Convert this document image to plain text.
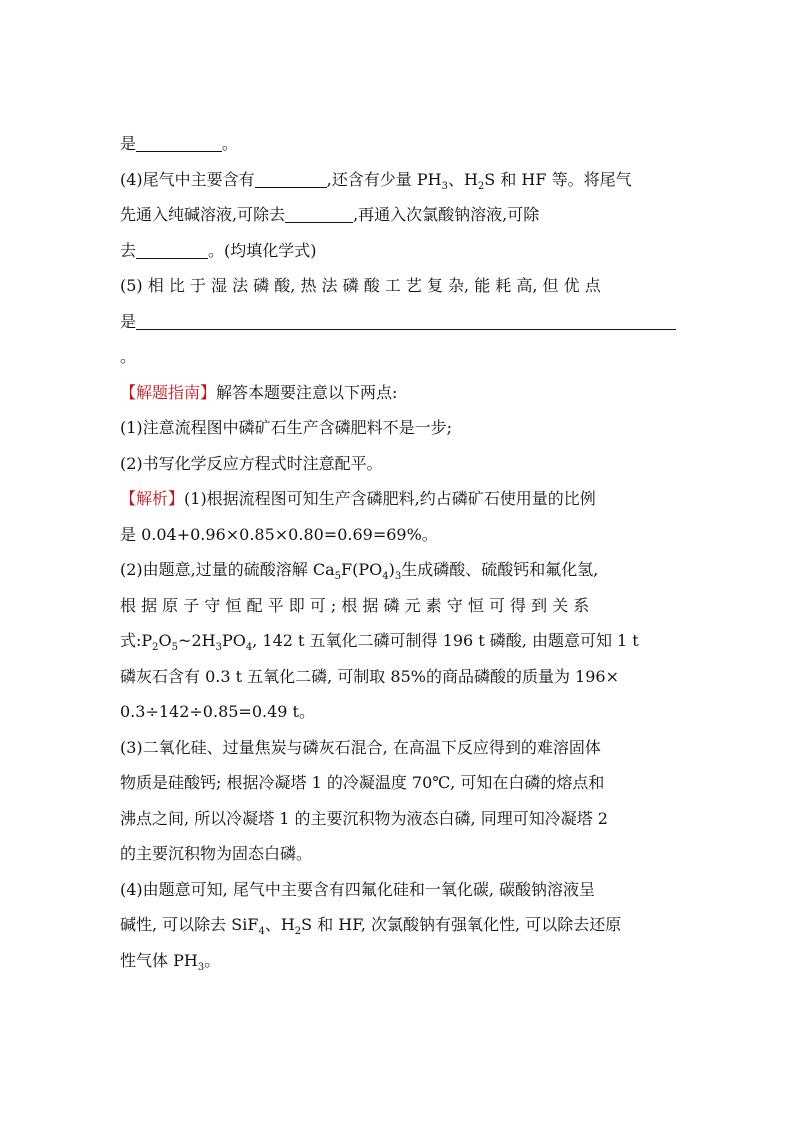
是	。
(4)尾气中主要含有	,还含有少量 $PH_3$、$H_2S$ 和 HF 等。将尾气
先通入纯碱溶液,可除去	,再通入次氯酸钠溶液,可除
去	。(均填化学式)
(5) 相 比 于 湿 法 磷 酸, 热 法 磷 酸 工 艺 复 杂, 能 耗 高, 但 优 点
是
。
【解题指南】解答本题要注意以下两点:
(1)注意流程图中磷矿石生产含磷肥料不是一步;
(2)书写化学反应方程式时注意配平。
【解析】(1)根据流程图可知生产含磷肥料,约占磷矿石使用量的比例
是 0.04+0.96×0.85×0.80=0.69=69%。
(2)由题意,过量的硫酸溶解 $Ca_5F(PO_4)_3$生成磷酸、硫酸钙和氟化氢,
根 据 原 子 守 恒 配 平 即 可 ; 根 据 磷 元 素 守 恒 可 得 到 关 系
式$:P_2O_5\sim 2H_3PO_4$, 142 t 五氧化二磷可制得 196 t 磷酸, 由题意可知 1 t
磷灰石含有 0.3 t 五氧化二磷, 可制取 85%的商品磷酸的质量为 196×
0.3÷142÷0.85=0.49 t。
(3)二氧化硅、过量焦炭与磷灰石混合, 在高温下反应得到的难溶固体
物质是硅酸钙; 根据冷凝塔 1 的冷凝温度 70℃, 可知在白磷的熔点和
沸点之间, 所以冷凝塔 1 的主要沉积物为液态白磷, 同理可知冷凝塔 2
的主要沉积物为固态白磷。
(4)由题意可知, 尾气中主要含有四氟化硅和一氧化碳, 碳酸钠溶液呈
碱性, 可以除去 SiF$_4$、$H_2S$ 和 HF, 次氯酸钠有强氧化性, 可以除去还原
性气体 $PH_3$。
